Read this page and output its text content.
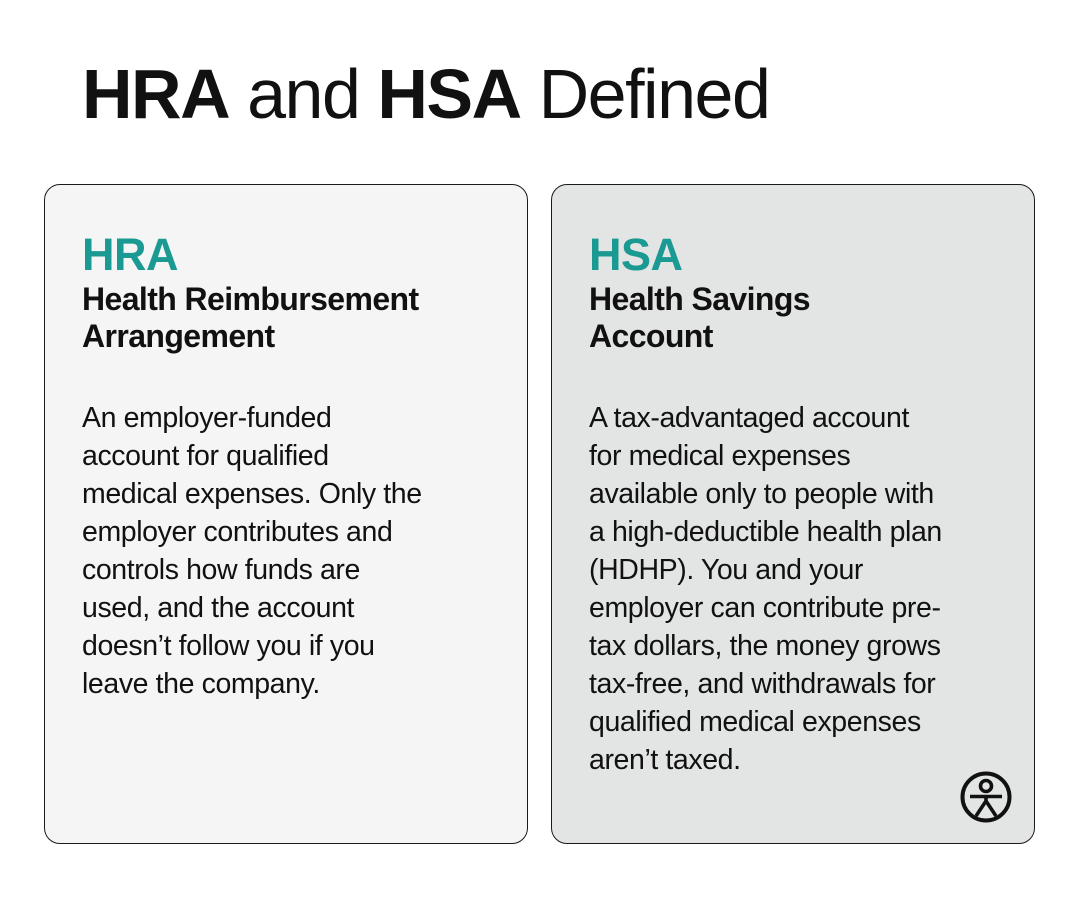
HRA and HSA Defined
HRA
Health Reimbursement
Arrangement

An employer-funded
account for qualified
medical expenses. Only the
employer contributes and
controls how funds are
used, and the account
doesn’t follow you if you
leave the company.

HSA
Health Savings
Account

A tax-advantaged account
for medical expenses
available only to people with
a high-deductible health plan
(HDHP). You and your
employer can contribute pre-
tax dollars, the money grows
tax-free, and withdrawals for
qualified medical expenses
aren’t taxed.
